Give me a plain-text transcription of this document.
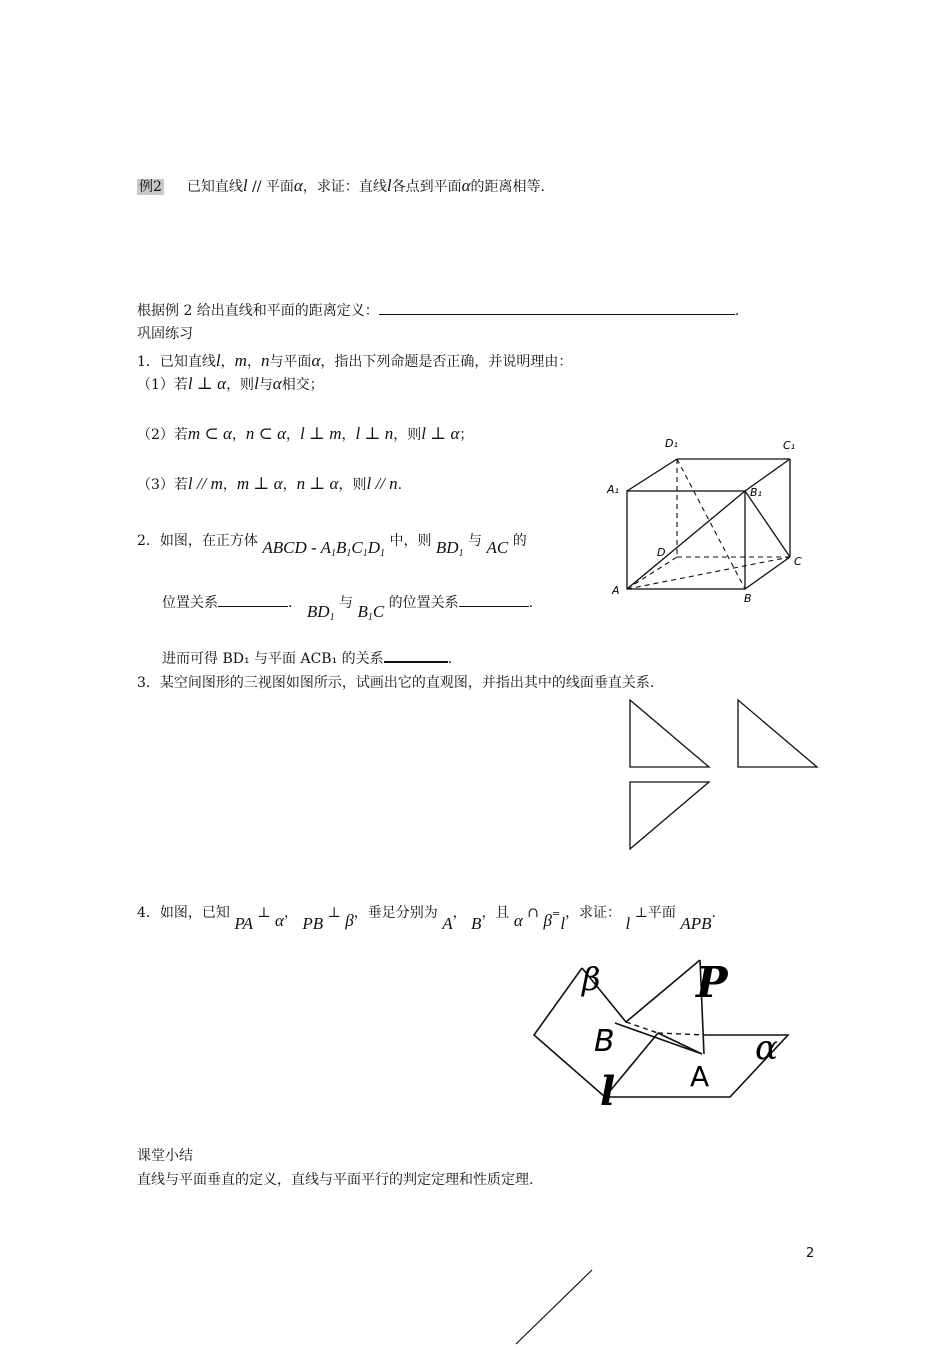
例2 已知直线l // 平面α，求证：直线l各点到平面α的距离相等.
根据例 2 给出直线和平面的距离定义：	.
巩固练习
1．已知直线l，m，n与平面α，指出下列命题是否正确，并说明理由：
（1）若l ⊥ α，则l与α相交；
（2）若m ⊂ α，n ⊂ α，l ⊥ m，l ⊥ n，则l ⊥ α；
（3）若l // m，m ⊥ α，n ⊥ α，则l // n.
D₁	C₁
A₁	B₁
D
C
A
B
2．如图，在正方体 ABCD - $A_1B_1C_1D_1$ 中，则 $BD_1$ 与 AC 的
位置关系	. $BD_1$ 与 $B_1C$ 的位置关系	.
进而可得 BD₁ 与平面 ACB₁ 的关系	.
3．某空间图形的三视图如图所示，试画出它的直观图，并指出其中的线面垂直关系.
4．如图，已知 PA ⊥ α， PB ⊥ β，垂足分别为 A， B，且 α ∩ β=l，求证： l ⊥平面 APB.
β P
B	α
A
l
课堂小结
直线与平面垂直的定义，直线与平面平行的判定定理和性质定理.
2
